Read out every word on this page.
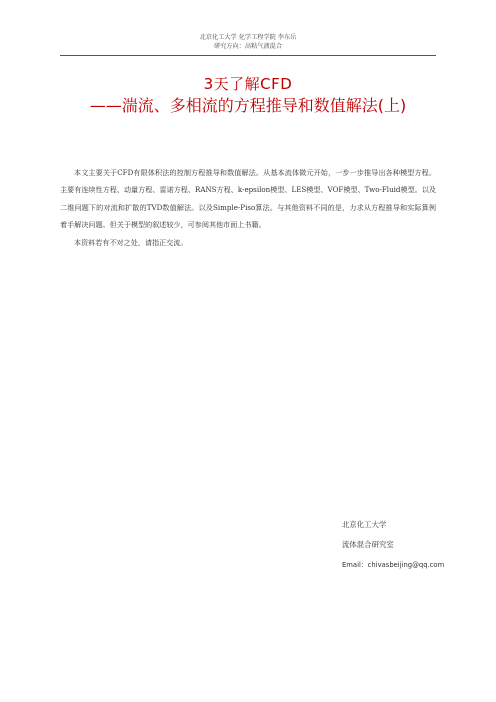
北京化工大学 化学工程学院 李东岳
研究方向：高粘气液混合
3天了解CFD
——湍流、多相流的方程推导和数值解法(上)

本文主要关于CFD有限体积法的控制方程推导和数值解法。从基本流体微元开始，一步一步推导出各种模型方程。主要有连续性方程、动量方程、雷诺方程、RANS方程、k-epsilon模型、LES模型、VOF模型、Two-Fluid模型。以及二维问题下的对流和扩散的TVD数值解法。以及Simple-Piso算法。与其他资料不同的是，力求从方程推导和实际算例着手解决问题。但关于模型的叙述较少，可参阅其他市面上书籍。

本资料若有不对之处，请指正交流。

北京化工大学
流体混合研究室
Email：chivasbeijing@qq.com
